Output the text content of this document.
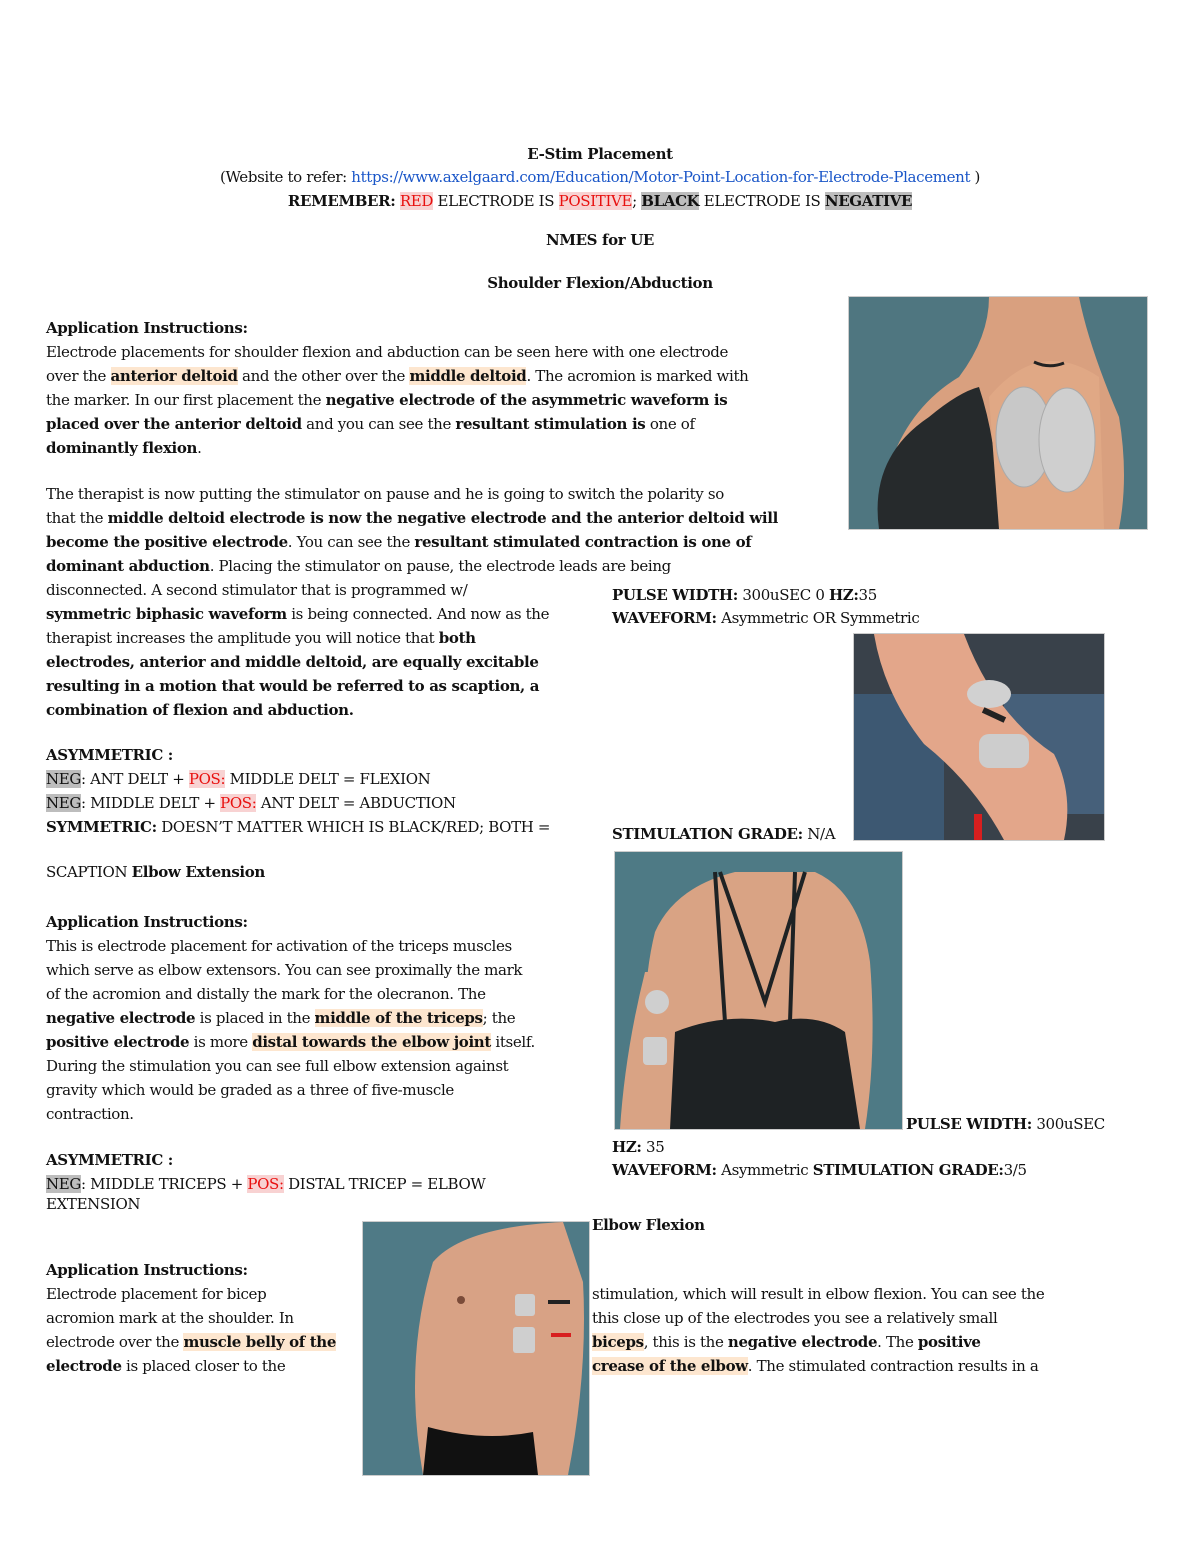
E-Stim Placement
(Website to refer: https://www.axelgaard.com/Education/Motor-Point-Location-for-Electrode-Placement )
REMEMBER: RED ELECTRODE IS POSITIVE; BLACK ELECTRODE IS NEGATIVE
NMES for UE
Shoulder Flexion/Abduction
Application Instructions:
Electrode placements for shoulder flexion and abduction can be seen here with one electrode
over the anterior deltoid and the other over the middle deltoid. The acromion is marked with
the marker. In our first placement the negative electrode of the asymmetric waveform is
placed over the anterior deltoid and you can see the resultant stimulation is one of
dominantly flexion.
The therapist is now putting the stimulator on pause and he is going to switch the polarity so
that the middle deltoid electrode is now the negative electrode and the anterior deltoid will
become the positive electrode. You can see the resultant stimulated contraction is one of
dominant abduction. Placing the stimulator on pause, the electrode leads are being
disconnected. A second stimulator that is programmed w/
symmetric biphasic waveform is being connected. And now as the
therapist increases the amplitude you will notice that both
electrodes, anterior and middle deltoid, are equally excitable
resulting in a motion that would be referred to as scaption, a
combination of flexion and abduction.
PULSE WIDTH: 300uSEC 0 HZ:35
WAVEFORM: Asymmetric OR Symmetric
STIMULATION GRADE: N/A
ASYMMETRIC :
NEG: ANT DELT + POS: MIDDLE DELT = FLEXION
NEG: MIDDLE DELT + POS: ANT DELT = ABDUCTION
SYMMETRIC: DOESN’T MATTER WHICH IS BLACK/RED; BOTH =
SCAPTION Elbow Extension
Application Instructions:
This is electrode placement for activation of the triceps muscles
which serve as elbow extensors. You can see proximally the mark
of the acromion and distally the mark for the olecranon. The
negative electrode is placed in the middle of the triceps; the
positive electrode is more distal towards the elbow joint itself.
During the stimulation you can see full elbow extension against
gravity which would be graded as a three of five-muscle
contraction.
PULSE WIDTH: 300uSEC
HZ: 35
WAVEFORM: Asymmetric STIMULATION GRADE:3/5
ASYMMETRIC :
NEG: MIDDLE TRICEPS + POS: DISTAL TRICEP = ELBOW
EXTENSION
Elbow Flexion
Application Instructions:
Electrode placement for bicep
acromion mark at the shoulder. In
electrode over the muscle belly of the
electrode is placed closer to the
stimulation, which will result in elbow flexion. You can see the
this close up of the electrodes you see a relatively small
biceps, this is the negative electrode. The positive
crease of the elbow. The stimulated contraction results in a
